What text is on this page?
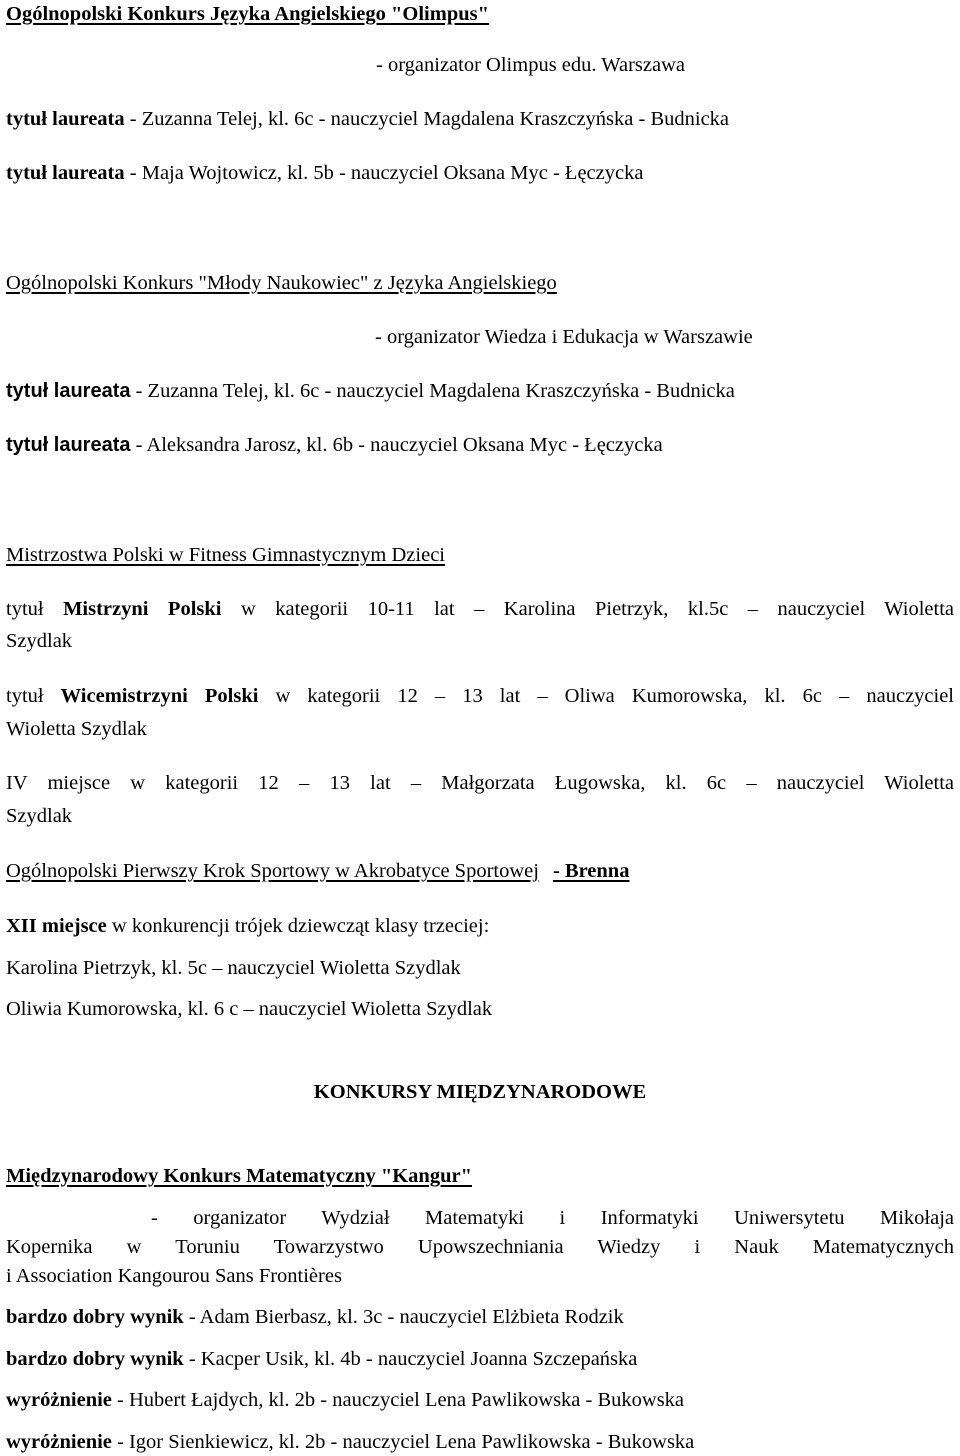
Ogólnopolski Konkurs Języka Angielskiego "Olimpus"
- organizator Olimpus edu. Warszawa
tytuł laureata - Zuzanna Telej, kl. 6c - nauczyciel Magdalena Kraszczyńska - Budnicka
tytuł laureata - Maja Wojtowicz, kl. 5b - nauczyciel Oksana Myc - Łęczycka
Ogólnopolski Konkurs "Młody Naukowiec" z Języka Angielskiego
- organizator Wiedza i Edukacja w Warszawie
tytuł laureata - Zuzanna Telej, kl. 6c - nauczyciel Magdalena Kraszczyńska - Budnicka
tytuł laureata - Aleksandra Jarosz, kl. 6b - nauczyciel Oksana Myc - Łęczycka
Mistrzostwa Polski w Fitness Gimnastycznym Dzieci
tytuł Mistrzyni Polski w kategorii 10-11 lat – Karolina Pietrzyk, kl.5c – nauczyciel Wioletta
Szydlak
tytuł Wicemistrzyni Polski w kategorii 12 – 13 lat – Oliwa Kumorowska, kl. 6c – nauczyciel
Wioletta Szydlak
IV miejsce w kategorii 12 – 13 lat – Małgorzata Ługowska, kl. 6c – nauczyciel Wioletta
Szydlak
Ogólnopolski Pierwszy Krok Sportowy w Akrobatyce Sportowej - Brenna
XII miejsce w konkurencji trójek dziewcząt klasy trzeciej:
Karolina Pietrzyk, kl. 5c – nauczyciel Wioletta Szydlak
Oliwia Kumorowska, kl. 6 c – nauczyciel Wioletta Szydlak
KONKURSY MIĘDZYNARODOWE
Międzynarodowy Konkurs Matematyczny "Kangur"
- organizator Wydział Matematyki i Informatyki Uniwersytetu Mikołaja
Kopernika w Toruniu Towarzystwo Upowszechniania Wiedzy i Nauk Matematycznych
i Association Kangourou Sans Frontières
bardzo dobry wynik - Adam Bierbasz, kl. 3c - nauczyciel Elżbieta Rodzik
bardzo dobry wynik - Kacper Usik, kl. 4b - nauczyciel Joanna Szczepańska
wyróżnienie - Hubert Łajdych, kl. 2b - nauczyciel Lena Pawlikowska - Bukowska
wyróżnienie - Igor Sienkiewicz, kl. 2b - nauczyciel Lena Pawlikowska - Bukowska
